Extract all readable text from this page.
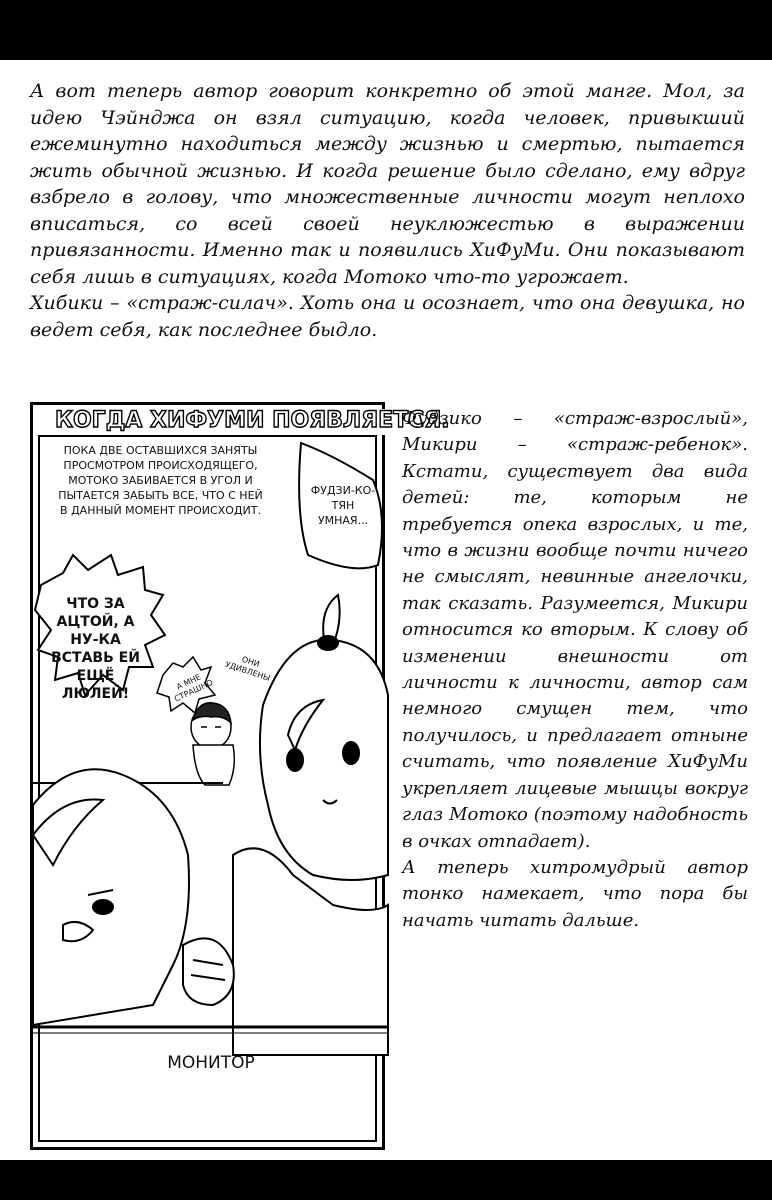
А вот теперь автор говорит конкретно об этой манге. Мол, за идею Чэйнджа он взял ситуацию, когда человек, привыкший ежеминутно находиться между жизнью и смертью, пытается жить обычной жизнью. И когда решение было сделано, ему вдруг взбрело в голову, что множественные личности могут неплохо вписаться, со всей своей неуклюжестью в выражении привязанности. Именно так и появились ХиФуМи. Они показывают себя лишь в ситуациях, когда Мотоко что-то угрожает.

Хибики – «страж-силач». Хоть она и осознает, что она девушка, но ведет себя, как последнее быдло.

КОГДА ХИФУМИ ПОЯВЛЯЕТСЯ.
ПОКА ДВЕ ОСТАВШИХСЯ ЗАНЯТЫ ПРОСМОТРОМ ПРОИСХОДЯЩЕГО, МОТОКО ЗАБИВАЕТСЯ В УГОЛ И ПЫТАЕТСЯ ЗАБЫТЬ ВСЕ, ЧТО С НЕЙ В ДАННЫЙ МОМЕНТ ПРОИСХОДИТ.
ФУДЗИ-КО-ТЯН УМНАЯ...
ЧТО ЗА АЦТОЙ, А НУ-КА ВСТАВЬ ЕЙ ЕЩЁ ЛЮЛЕЙ!
А МНЕ СТРАШНО
ОНИ УДИВЛЕНЫ
МОНИТОР

Фудзико – «страж-взрослый», Микири – «страж-ребенок». Кстати, существует два вида детей: те, которым не требуется опека взрослых, и те, что в жизни вообще почти ничего не смыслят, невинные ангелочки, так сказать. Разумеется, Микири относится ко вторым. К слову об изменении внешности от личности к личности, автор сам немного смущен тем, что получилось, и предлагает отныне считать, что появление ХиФуМи укрепляет лицевые мышцы вокруг глаз Мотоко (поэтому надобность в очках отпадает).

А теперь хитромудрый автор тонко намекает, что пора бы начать читать дальше.
